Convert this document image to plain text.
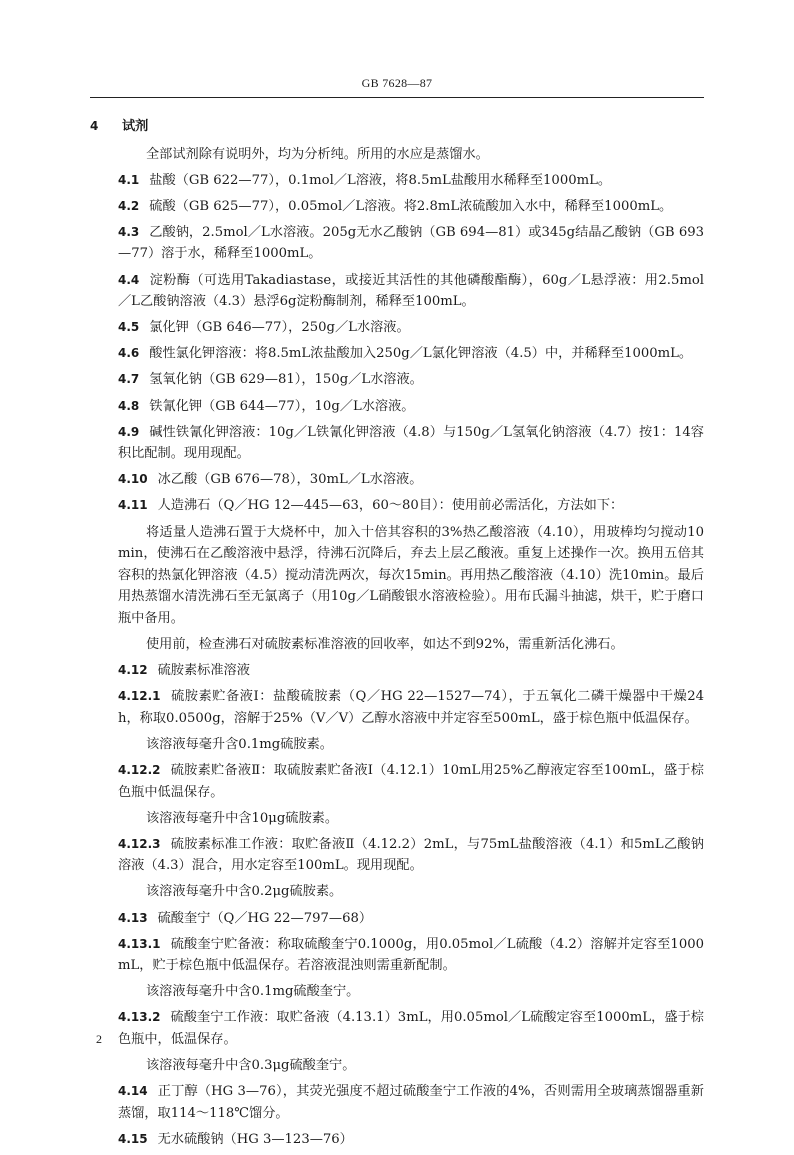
GB 7628—87
4 试剂
全部试剂除有说明外，均为分析纯。所用的水应是蒸馏水。
4.1 盐酸（GB 622—77），0.1mol／L溶液，将8.5mL盐酸用水稀释至1000mL。
4.2 硫酸（GB 625—77），0.05mol／L溶液。将2.8mL浓硫酸加入水中，稀释至1000mL。
4.3 乙酸钠，2.5mol／L水溶液。205g无水乙酸钠（GB 694—81）或345g结晶乙酸钠（GB 693—77）溶于水，稀释至1000mL。
4.4 淀粉酶（可选用Takadiastase，或接近其活性的其他磷酸酯酶），60g／L悬浮液：用2.5mol／L乙酸钠溶液（4.3）悬浮6g淀粉酶制剂，稀释至100mL。
4.5 氯化钾（GB 646—77），250g／L水溶液。
4.6 酸性氯化钾溶液：将8.5mL浓盐酸加入250g／L氯化钾溶液（4.5）中，并稀释至1000mL。
4.7 氢氧化钠（GB 629—81），150g／L水溶液。
4.8 铁氰化钾（GB 644—77），10g／L水溶液。
4.9 碱性铁氰化钾溶液：10g／L铁氰化钾溶液（4.8）与150g／L氢氧化钠溶液（4.7）按1：14容积比配制。现用现配。
4.10 冰乙酸（GB 676—78），30mL／L水溶液。
4.11 人造沸石（Q／HG 12—445—63，60～80目）：使用前必需活化，方法如下：
将适量人造沸石置于大烧杯中，加入十倍其容积的3%热乙酸溶液（4.10），用玻棒均匀搅动10min，使沸石在乙酸溶液中悬浮，待沸石沉降后，弃去上层乙酸液。重复上述操作一次。换用五倍其容积的热氯化钾溶液（4.5）搅动清洗两次，每次15min。再用热乙酸溶液（4.10）洗10min。最后用热蒸馏水清洗沸石至无氯离子（用10g／L硝酸银水溶液检验）。用布氏漏斗抽滤，烘干，贮于磨口瓶中备用。
使用前，检查沸石对硫胺素标准溶液的回收率，如达不到92%，需重新活化沸石。
4.12 硫胺素标准溶液
4.12.1 硫胺素贮备液Ⅰ：盐酸硫胺素（Q／HG 22—1527—74），于五氧化二磷干燥器中干燥24h，称取0.0500g，溶解于25%（V／V）乙醇水溶液中并定容至500mL，盛于棕色瓶中低温保存。
该溶液每毫升含0.1mg硫胺素。
4.12.2 硫胺素贮备液Ⅱ：取硫胺素贮备液Ⅰ（4.12.1）10mL用25%乙醇液定容至100mL，盛于棕色瓶中低温保存。
该溶液每毫升中含10μg硫胺素。
4.12.3 硫胺素标准工作液：取贮备液Ⅱ（4.12.2）2mL，与75mL盐酸溶液（4.1）和5mL乙酸钠溶液（4.3）混合，用水定容至100mL。现用现配。
该溶液每毫升中含0.2μg硫胺素。
4.13 硫酸奎宁（Q／HG 22—797—68）
4.13.1 硫酸奎宁贮备液：称取硫酸奎宁0.1000g，用0.05mol／L硫酸（4.2）溶解并定容至1000mL，贮于棕色瓶中低温保存。若溶液混浊则需重新配制。
该溶液每毫升中含0.1mg硫酸奎宁。
4.13.2 硫酸奎宁工作液：取贮备液（4.13.1）3mL，用0.05mol／L硫酸定容至1000mL，盛于棕色瓶中，低温保存。
该溶液每毫升中含0.3μg硫酸奎宁。
4.14 正丁醇（HG 3—76），其荧光强度不超过硫酸奎宁工作液的4%，否则需用全玻璃蒸馏器重新蒸馏，取114～118℃馏分。
4.15 无水硫酸钠（HG 3—123—76）
2
